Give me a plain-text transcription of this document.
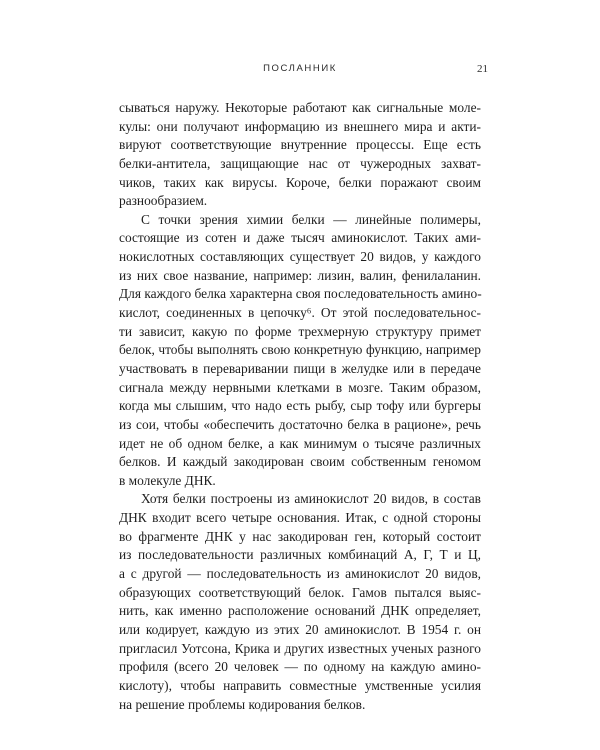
ПОСЛАННИК	21
сываться наружу. Некоторые работают как сигнальные моле-
кулы: они получают информацию из внешнего мира и акти-
вируют соответствующие внутренние процессы. Еще есть
белки-антитела, защищающие нас от чужеродных захват-
чиков, таких как вирусы. Короче, белки поражают своим
разнообразием.
С точки зрения химии белки — линейные полимеры,
состоящие из сотен и даже тысяч аминокислот. Таких ами-
нокислотных составляющих существует 20 видов, у каждого
из них свое название, например: лизин, валин, фенилаланин.
Для каждого белка характерна своя последовательность амино-
кислот, соединенных в цепочку⁶. От этой последовательнос-
ти зависит, какую по форме трехмерную структуру примет
белок, чтобы выполнять свою конкретную функцию, например
участвовать в переваривании пищи в желудке или в передаче
сигнала между нервными клетками в мозге. Таким образом,
когда мы слышим, что надо есть рыбу, сыр тофу или бургеры
из сои, чтобы «обеспечить достаточно белка в рационе», речь
идет не об одном белке, а как минимум о тысяче различных
белков. И каждый закодирован своим собственным геномом
в молекуле ДНК.
Хотя белки построены из аминокислот 20 видов, в состав
ДНК входит всего четыре основания. Итак, с одной стороны
во фрагменте ДНК у нас закодирован ген, который состоит
из последовательности различных комбинаций А, Г, Т и Ц,
а с другой — последовательность из аминокислот 20 видов,
образующих соответствующий белок. Гамов пытался выяс-
нить, как именно расположение оснований ДНК определяет,
или кодирует, каждую из этих 20 аминокислот. В 1954 г. он
пригласил Уотсона, Крика и других известных ученых разного
профиля (всего 20 человек — по одному на каждую амино-
кислоту), чтобы направить совместные умственные усилия
на решение проблемы кодирования белков.
